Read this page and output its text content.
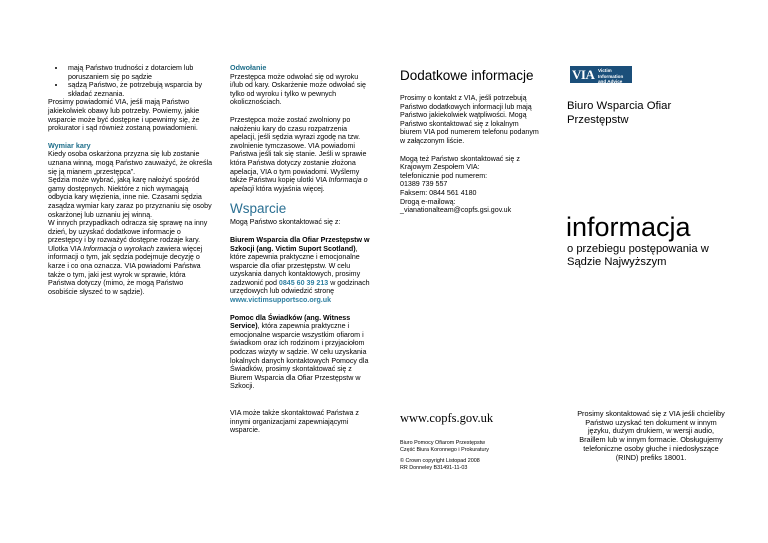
• mają Państwo trudności z dotarciem lub poruszaniem się po sądzie
• sądzą Państwo, że potrzebują wsparcia by składać zeznania.

Prosimy powiadomić VIA, jeśli mają Państwo jakiekolwiek obawy lub potrzeby. Powiemy, jakie wsparcie może być dostępne i upewnimy się, że prokurator i sąd również zostaną powiadomieni.

Wymiar kary

Kiedy osoba oskarżona przyzna się lub zostanie uznana winną, mogą Państwo zauważyć, że określa się ją mianem „przestępca”.

Sędzia może wybrać, jaką karę nałożyć spośród gamy dostępnych. Niektóre z nich wymagają odbycia kary więzienia, inne nie. Czasami sędzia zasądza wymiar kary zaraz po przyznaniu się osoby oskarżonej lub uznaniu jej winną.

W innych przypadkach odracza się sprawę na inny dzień, by uzyskać dodatkowe informacje o przestępcy i by rozważyć dostępne rodzaje kary.

Ulotka VIA Informacja o wyrokach zawiera więcej informacji o tym, jak sędzia podejmuje decyzję o karze i co ona oznacza. VIA powiadomi Państwa także o tym, jaki jest wyrok w sprawie, która Państwa dotyczy (mimo, że mogą Państwo osobiście słyszeć to w sądzie).

Odwołanie

Przestępca może odwołać się od wyroku i/lub od kary. Oskarżenie może odwołać się tylko od wyroku i tylko w pewnych okolicznościach.

Przestępca może zostać zwolniony po nałożeniu kary do czasu rozpatrzenia apelacji, jeśli sędzia wyrazi zgodę na tzw. zwolnienie tymczasowe. VIA powiadomi Państwa jeśli tak się stanie. Jeśli w sprawie która Państwa dotyczy zostanie złożona apelacja, VIA o tym powiadomi. Wyślemy także Państwu kopię ulotki VIA Informacja o apelacji która wyjaśnia więcej.

Wsparcie

Mogą Państwo skontaktować się z:

Biurem Wsparcia dla Ofiar Przestępstw w Szkocji (ang. Victim Suport Scotland), które zapewnia praktyczne i emocjonalne wsparcie dla ofiar przestępstw. W celu uzyskania danych kontaktowych, prosimy zadzwonić pod 0845 60 39 213 w godzinach urzędowych lub odwiedzić stronę www.victimsupportsco.org.uk

Pomoc dla Świadków (ang. Witness Service), która zapewnia praktyczne i emocjonalne wsparcie wszystkim ofiarom i świadkom oraz ich rodzinom i przyjaciołom podczas wizyty w sądzie. W celu uzyskania lokalnych danych kontaktowych Pomocy dla Świadków, prosimy skontaktować się z Biurem Wsparcia dla Ofiar Przestępstw w Szkocji.

VIA może także skontaktować Państwa z innymi organizacjami zapewniającymi wsparcie.

Dodatkowe informacje

Prosimy o kontakt z VIA, jeśli potrzebują Państwo dodatkowych informacji lub mają Państwo jakiekolwiek wątpliwości. Mogą Państwo skontaktować się z lokalnym biurem VIA pod numerem telefonu podanym w załączonym liście.

Mogą też Państwo skontaktować się z Krajowym Zespołem VIA:

telefonicznie pod numerem:

01389 739 557

Faksem: 0844 561 4180

Drogą e-mailową:

_vianationalteam@copfs.gsi.gov.uk

www.copfs.gov.uk
Biuro Pomocy Ofiarom Przestępstw
Część Biura Koronnego i Prokuratury
© Crown copyright Listopad 2008
RR Donneley B31491-11-03
VIA Victim Information
and Advice
Biuro Wsparcia Ofiar Przestępstw
informacja
o przebiegu postępowania w Sądzie Najwyższym
Prosimy skontaktować się z VIA jeśli chcieliby Państwo uzyskać ten dokument w innym języku, dużym drukiem, w wersji audio, Braillem lub w innym formacie. Obsługujemy telefoniczne osoby głuche i niedosłyszące (RIND) prefiks 18001.
